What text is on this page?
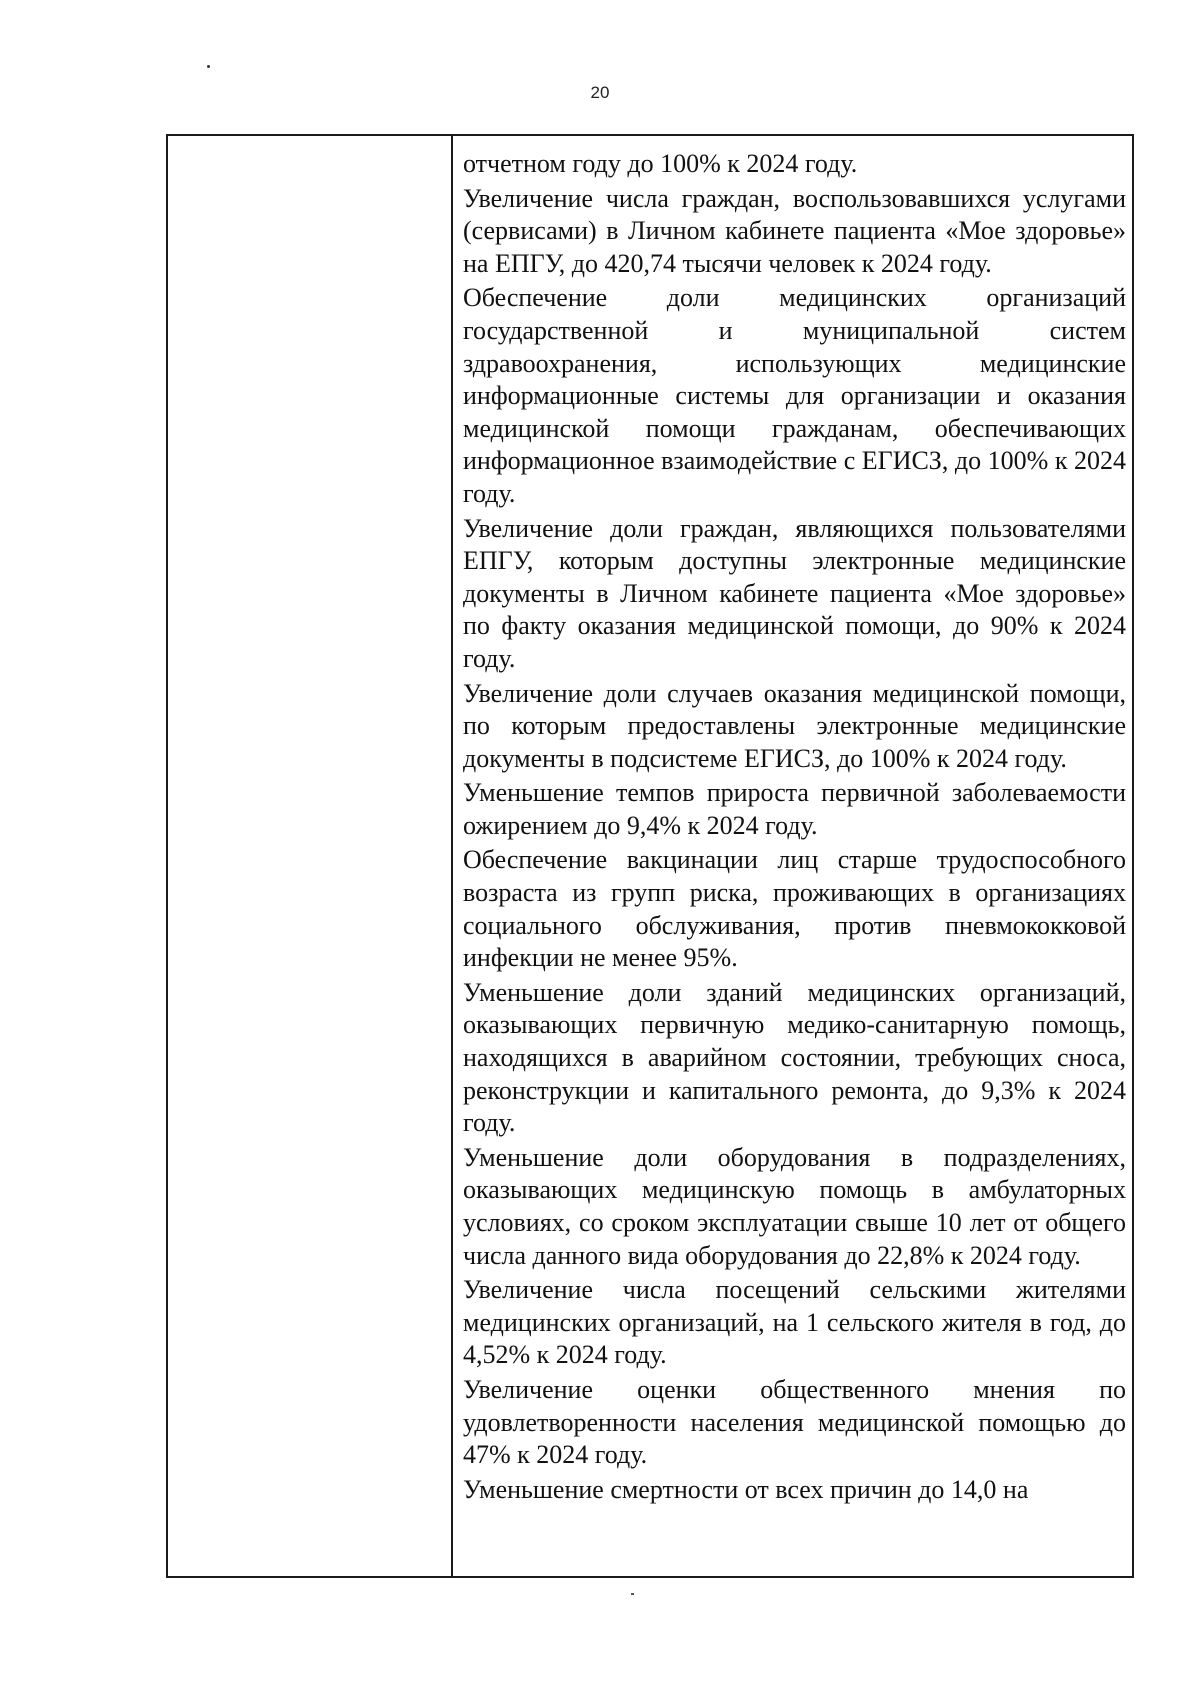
20

отчетном году до 100% к 2024 году.

Увеличение числа граждан, воспользовавшихся услугами (сервисами) в Личном кабинете пациента «Мое здоровье» на ЕПГУ, до 420,74 тысячи человек к 2024 году.

Обеспечение доли медицинских организаций государственной и муниципальной систем здравоохранения, использующих медицинские информационные системы для организации и оказания медицинской помощи гражданам, обеспечивающих информационное взаимодействие с ЕГИСЗ, до 100% к 2024 году.

Увеличение доли граждан, являющихся пользователями ЕПГУ, которым доступны электронные медицинские документы в Личном кабинете пациента «Мое здоровье» по факту оказания медицинской помощи, до 90% к 2024 году.

Увеличение доли случаев оказания медицинской помощи, по которым предоставлены электронные медицинские документы в подсистеме ЕГИСЗ, до 100% к 2024 году.

Уменьшение темпов прироста первичной заболеваемости ожирением до 9,4% к 2024 году.

Обеспечение вакцинации лиц старше трудоспособного возраста из групп риска, проживающих в организациях социального обслуживания, против пневмококковой инфекции не менее 95%.

Уменьшение доли зданий медицинских организаций, оказывающих первичную медико-санитарную помощь, находящихся в аварийном состоянии, требующих сноса, реконструкции и капитального ремонта, до 9,3% к 2024 году.

Уменьшение доли оборудования в подразделениях, оказывающих медицинскую помощь в амбулаторных условиях, со сроком эксплуатации свыше 10 лет от общего числа данного вида оборудования до 22,8% к 2024 году.

Увеличение числа посещений сельскими жителями медицинских организаций, на 1 сельского жителя в год, до 4,52% к 2024 году.

Увеличение оценки общественного мнения по удовлетворенности населения медицинской помощью до 47% к 2024 году.

Уменьшение смертности от всех причин до 14,0 на
